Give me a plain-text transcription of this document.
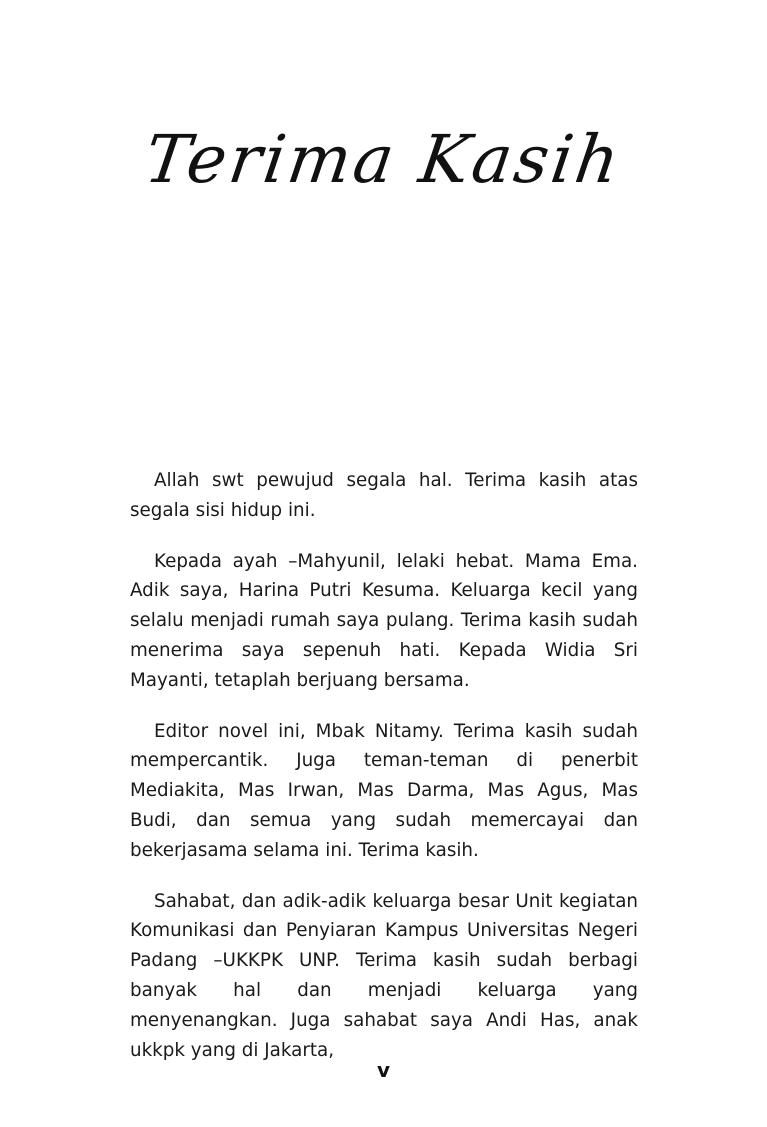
Terima Kasih

Allah swt pewujud segala hal. Terima kasih atas segala sisi hidup ini.

Kepada ayah –Mahyunil, lelaki hebat. Mama Ema. Adik saya, Harina Putri Kesuma. Keluarga kecil yang selalu menjadi rumah saya pulang. Terima kasih sudah menerima saya sepenuh hati. Kepada Widia Sri Mayanti, tetaplah berjuang bersama.

Editor novel ini, Mbak Nitamy. Terima kasih sudah mempercantik. Juga teman-teman di penerbit Mediakita, Mas Irwan, Mas Darma, Mas Agus, Mas Budi, dan semua yang sudah memercayai dan bekerjasama selama ini. Terima kasih.

Sahabat, dan adik-adik keluarga besar Unit kegiatan Komunikasi dan Penyiaran Kampus Universitas Negeri Padang –UKKPK UNP. Terima kasih sudah berbagi banyak hal dan menjadi keluarga yang menyenangkan. Juga sahabat saya Andi Has, anak ukkpk yang di Jakarta,

v
